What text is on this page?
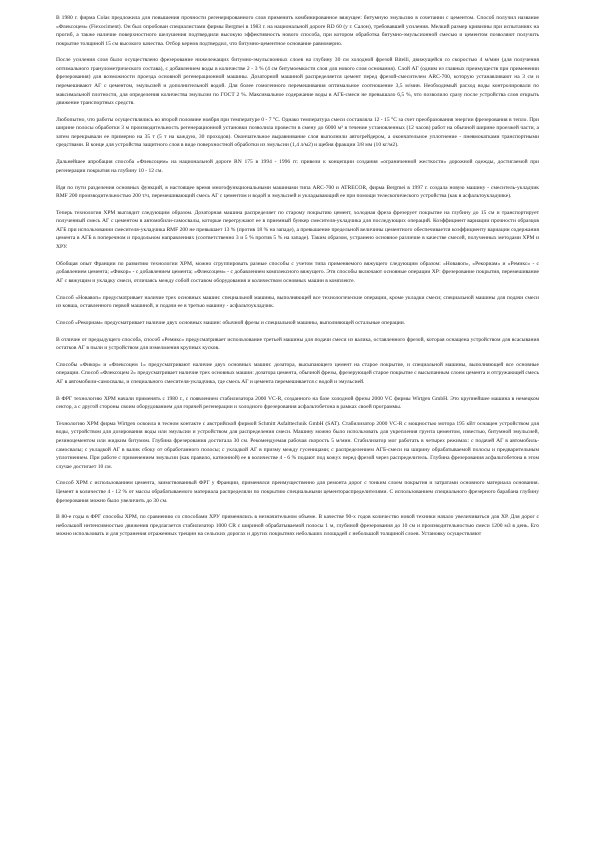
В 1980 г. фирма Colas предложила для повышения прочности регенерированного слоя применить комбинированное вяжущее: битумную эмульсию в сочетании с цементом. Способ получил название «Флексоцем» (Flexociment). Он был опробован специалистами фирмы Bergmei в 1983 г. на национальной дороге RD 60 (у г. Салон), требовавшей усиления. Мелкий размер кривизны при испытаниях на прогиб, а также наличие поверхностного шелушения подтвердили высокую эффективность нового способа, при котором обработка битумно-эмульсионной смесью и цементом позволяют получить покрытие толщиной 15 см высокого качества. Отбор кернов подтвердил, что битумно-цементное основание равномерно.

После усиления слоя было осуществлено фрезерование нижележащих битумно-эмульсионных слоев на глубину 30 см холодной фрезой Bitelli, движущейся со скоростью 4 м/мин (для получения оптимального гранулометрического состава), с добавлением воды в количестве 2 - 3 % (4 см битумоемкости слоя для нового слоя основания). Слой АГ (одним из главных преимуществ при применении фрезерования) для возможности проезда основной регенерационной машины. Дозаторной машиной распределяется цемент перед фрезой-смесителем ARC-700, которую устанавливают на 3 см и перемешивают АГ с цементом, эмульсией и дополнительной водой. Для более гомогенного перемешивания оптимальное соотношение 3,5 м/мин. Необходимый расход воды контролировали по максимальной плотности, для определения количества эмульсии по ГОСТ 2 %. Максимальное содержание воды в АГБ-смеси не превышало 6,5 %, что позволило сразу после устройства слоя открыть движение транспортных средств.

Любопытно, что работы осуществлялись во второй половине ноября при температуре 0 - 7 °С. Однако температура смеси составляла 12 - 15 °С за счет преобразования энергии фрезерования в тепло. При ширине полосы обработки 3 м производительность регенерационной установки позволила провести в смену до 6000 м² в течение установленных (12 часов) работ на обычной ширине проезжей части, а затем перекрывали ее примерно на 35 т (5 т на каждую, 30 проходов). Окончательное выравнивание слоя выполнили автогрейдером, а окончательное уплотнение - пневмокатками транспортными средствами. В конце для устройства защитного слоя в виде поверхностной обработки из эмульсии (1,4 л/м2) и щебня фракции 3/8 мм (10 кг/м2).

Дальнейшее апробация способа «Флексоцем» на национальной дороге RN 175 в 1994 - 1996 гг. привели к концепции создания «ограниченной жесткости» дорожной одежды, достигаемой при регенерации покрытия на глубину 10 - 12 см.

Идя по пути разделения основных функций, в настоящее время многофункциональными машинами типа ARC-700 и ATRECOR, фирма Bergmei в 1997 г. создала новую машину - смеситель-укладчик RMF 200 производительностью 200 т/ч, перемешивающий смесь АГ с цементом и водой и эмульсией и укладывающий ее при помощи телескопического устройства (как в асфальтоукладчике).

Теперь технология ХРМ выглядит следующим образом. Дозаторная машина распределяет по старому покрытию цемент, холодная фреза фрезерует покрытие на глубину до 15 см и транспортирует полученный смесь АГ с цементом в автомобили-самосвалы, которые перегружают ее в приемный бункер смесителя-укладчика для последующих операций. Коэффициент вариации прочности образцов АГБ при использовании смесителя-укладчика RMF 200 не превышает 13 % (против 18 % на западе), а превышение предельной величины цементного обеспечивается коэффициенту вариации содержания цемента в АГБ в поперечном и продольном направлениях (соответственно 3 и 5 % против 5 % на западе). Таким образом, устранено основное различие в качестве смесей, полученных методами ХРМ и ХРУ.

Обобщая опыт Франции по развитию технологии ХРМ, можно сгруппировать разные способы с учетом типа применяемого вяжущего следующим образом: «Новавоп», «Рекориам» и «Ремикс» - с добавлением цемента; «Фикор» - с добавлением цемента; «Флексоцем» - с добавлением комплексного вяжущего. Эти способы включают основные операции ХР: фрезерование покрытия, перемешивание АГ с вяжущим и укладку смеси, отличаясь между собой составом оборудования и количеством основных машин в комплекте.

Способ «Новавоп» предусматривает наличие трех основных машин: специальной машины, выполняющей все технологические операции, кроме укладки смеси; специальной машины для подачи смеси из ковша, оставленного первой машиной, и подачи ее в третью машину - асфальтоукладчик.

Способ «Рекориам» предусматривает наличие двух основных машин: обычной фрезы и специальной машины, выполняющей остальные операции.

В отличие от предыдущего способа, способ «Ремикс» предусматривает использование третьей машины для подачи смеси из валика, оставленного фрезой, которая оснащена устройством для всасывания остатков АГ в пыли и устройством для измельчения крупных кусков.

Способы «Фикор» и «Флексоцем 1» предусматривают наличие двух основных машин: дозатора, высыпающего цемент на старое покрытие, и специальной машины, выполняющей все основные операции. Способ «Флексоцем 2» предусматривает наличие трех основных машин: дозатора цемента, обычной фрезы, фрезерующей старое покрытие с высыпанным слоем цемента и отгружающей смесь АГ в автомобили-самосвалы, и специального смесителя-укладчика, где смесь АГ и цемента перемешивается с водой и эмульсией.

В ФРГ технологию ХРМ начали применять с 1980 г., с появлением стабилизатора 2000 VC-R, созданного на базе холодной фрезы 2000 VC фирмы Wirtgen GmbH. Это крупнейшее машина в немецком сектор, а с другой стороны своим оборудованием для горячей регенерации и холодного фрезерования асфальтобетона в рамках своей программы.

Технологию ХРМ фирма Wirtgen освоила в тесном контакте с австрийской фирмой Schmitt Asfalttechnik GmbH (SAT). Стабилизатор 2000 VC-R с мощностью мотора 195 кВт оснащен устройством для воды, устройством для дозирования воды или эмульсии и устройством для распределения смеси. Машину можно было использовать для укрепления грунта цементом, известью, битумной эмульсией, резиноцементом или жидким битумом. Глубина фрезерования достигала 30 см. Рекомендуемая рабочая скорость 5 м/мин. Стабилизатор мог работать в четырех режимах: с подачей АГ в автомобиль-самосвалы; с укладкой АГ в валик сбоку от обработанного полосы; с укладкой АГ в призму между гусеницами; с распределением АГБ-смеси на ширину обрабатываемой полосы и предварительным уплотнением. При работе с применением эмульсии (как правило, катионной) ее в количестве 4 - 6 % подают под кожух перед фрезой через распределитель. Глубина фрезерования асфальтобетона в этом случае достигает 10 см.

Способ ХРМ с использованием цемента, заимствованный ФРГ у Франции, применялся преимущественно для ремонта дорог с тонким слоем покрытия и затратами основного материала основания. Цемент в количестве 4 - 12 % от массы обрабатываемого материала распределяли по покрытию специальными цементораспределителями. С использованием специального фрезерного барабана глубину фрезерования можно было увеличить до 30 см.

В 80-е годы в ФРГ способы ХРМ, по сравнению со способами ХРУ применялись в незначительном объеме. В качестве 90-х годов количество новой техники начало увеличиваться для ХР. Для дорог с небольшой интенсивностью движения предлагается стабилизатор 1000 CR с шириной обрабатываемой полосы 1 м, глубиной фрезерования до 10 см и производительностью смеси 1200 м3 в день. Его можно использовать и для устранения отраженных трещин на сельских дорогах и других покрытиях небольших площадей с небольшой толщиной слоев. Установку осуществляют
